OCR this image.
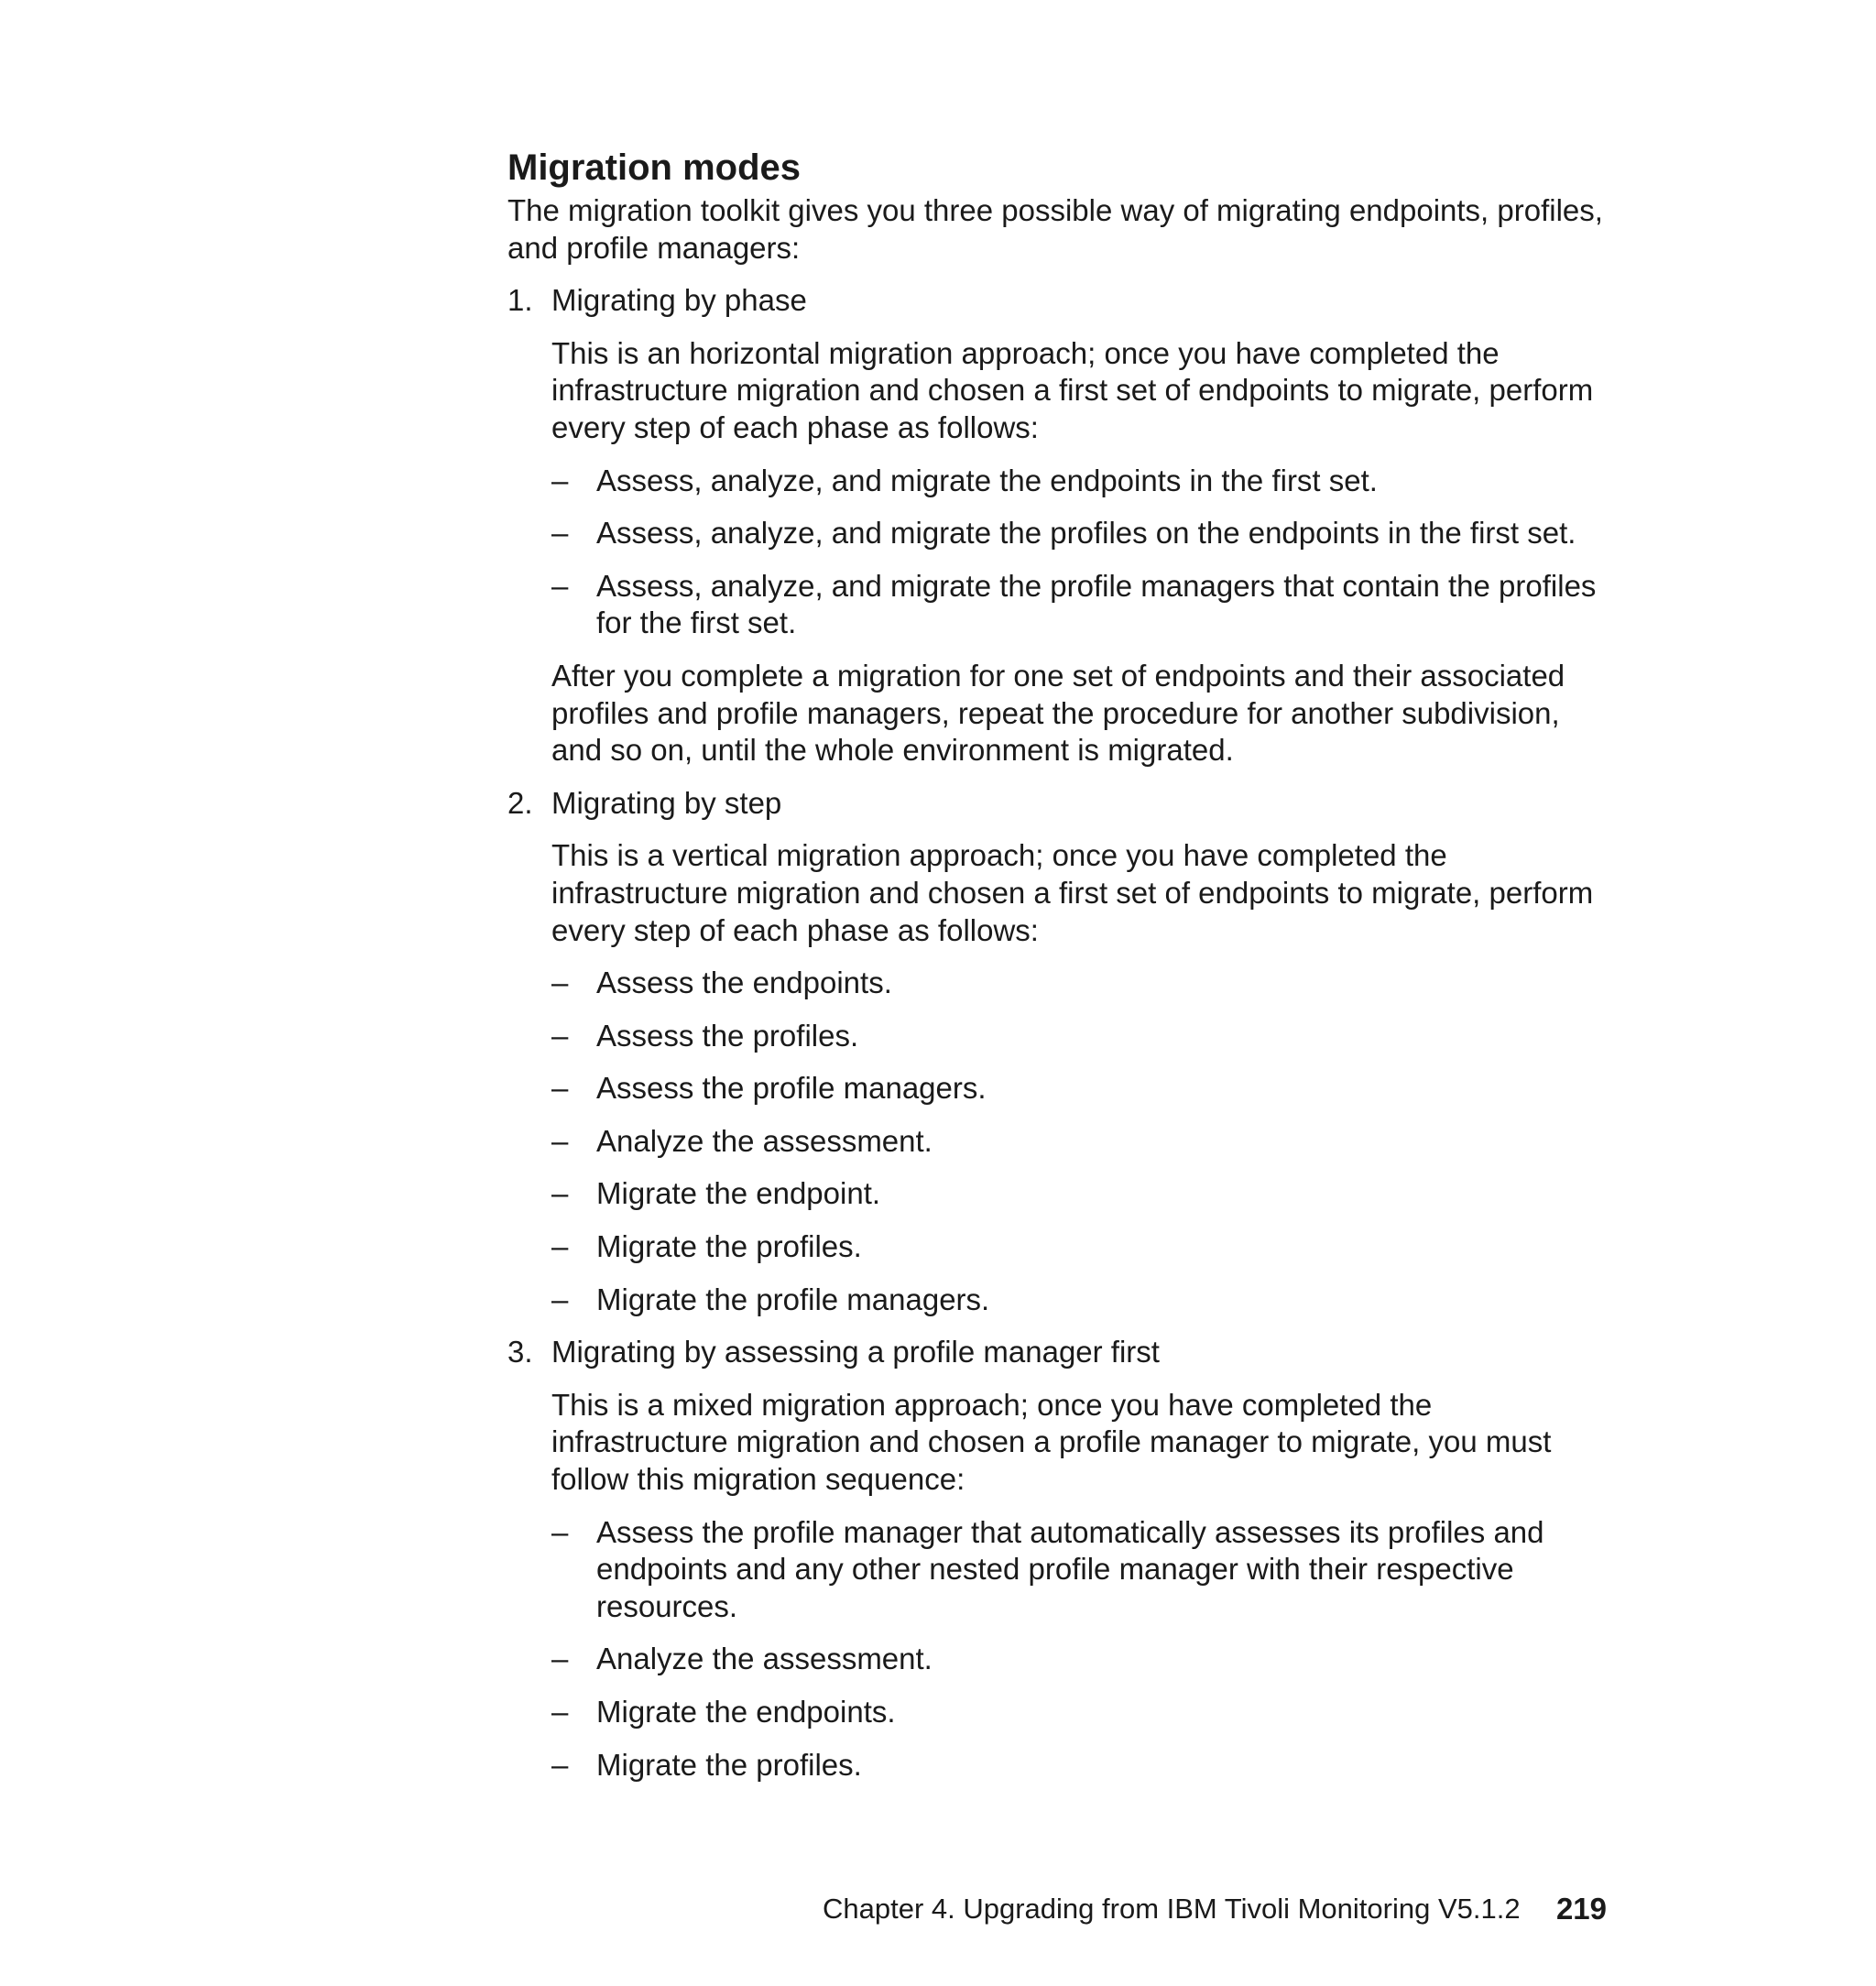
Migration modes

The migration toolkit gives you three possible way of migrating endpoints, profiles, and profile managers:

1. Migrating by phase

This is an horizontal migration approach; once you have completed the infrastructure migration and chosen a first set of endpoints to migrate, perform every step of each phase as follows:

– Assess, analyze, and migrate the endpoints in the first set.

– Assess, analyze, and migrate the profiles on the endpoints in the first set.

– Assess, analyze, and migrate the profile managers that contain the profiles for the first set.

After you complete a migration for one set of endpoints and their associated profiles and profile managers, repeat the procedure for another subdivision, and so on, until the whole environment is migrated.

2. Migrating by step

This is a vertical migration approach; once you have completed the infrastructure migration and chosen a first set of endpoints to migrate, perform every step of each phase as follows:

– Assess the endpoints.

– Assess the profiles.

– Assess the profile managers.

– Analyze the assessment.

– Migrate the endpoint.

– Migrate the profiles.

– Migrate the profile managers.

3. Migrating by assessing a profile manager first

This is a mixed migration approach; once you have completed the infrastructure migration and chosen a profile manager to migrate, you must follow this migration sequence:

– Assess the profile manager that automatically assesses its profiles and endpoints and any other nested profile manager with their respective resources.

– Analyze the assessment.

– Migrate the endpoints.

– Migrate the profiles.

Chapter 4. Upgrading from IBM Tivoli Monitoring V5.1.2 219
